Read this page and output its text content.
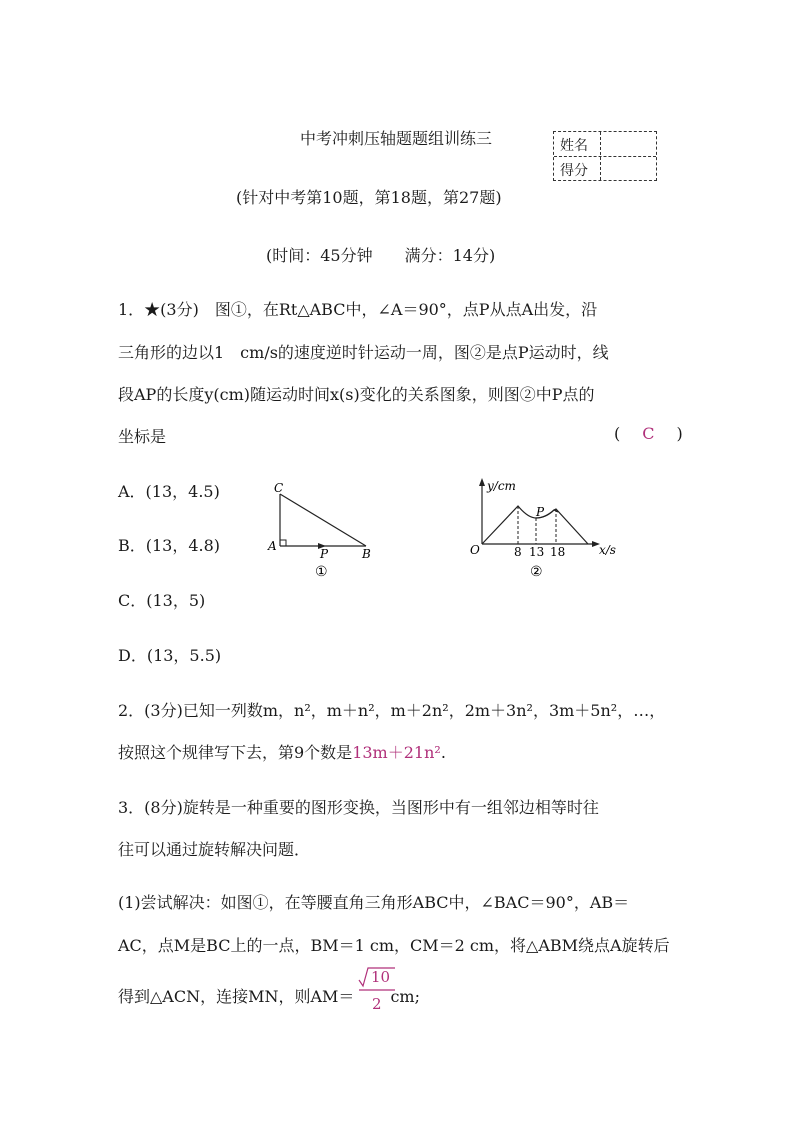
中考冲刺压轴题题组训练三	姓名
得分
(针对中考第10题，第18题，第27题)
(时间：45分钟　　满分：14分)
1．★(3分)　图①，在Rt△ABC中，∠A＝90°，点P从点A出发，沿
三角形的边以1　cm/s的速度逆时针运动一周，图②是点P运动时，线
段AP的长度y(cm)随运动时间x(s)变化的关系图象，则图②中P点的
坐标是	( C )
A．(13，4.5)
B．(13，4.8)
C．(13，5)
D．(13，5.5)
C
A
P	B
①
y/cm
x/s
O	8 13 18
P
②
2．(3分)已知一列数m，n²，m＋n²，m＋2n²，2m＋3n²，3m＋5n²，…，
按照这个规律写下去，第9个数是13m＋21n².
3．(8分)旋转是一种重要的图形变换，当图形中有一组邻边相等时往
往可以通过旋转解决问题．
(1)尝试解决：如图①，在等腰直角三角形ABC中，∠BAC＝90°，AB＝
AC，点M是BC上的一点，BM＝1 cm，CM＝2 cm，将△ABM绕点A旋转后
得到△ACN，连接MN，则AM＝ cm;
10
2
